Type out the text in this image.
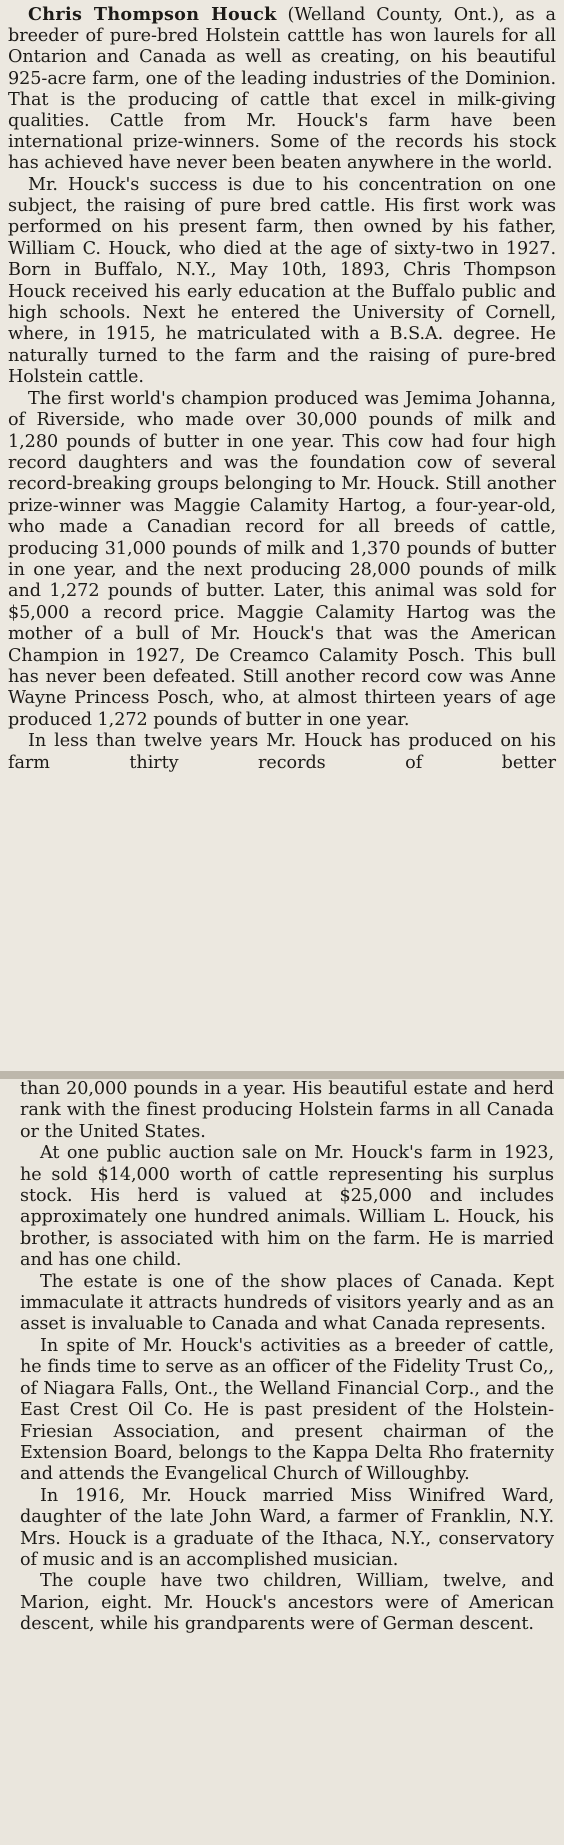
Chris Thompson Houck (Welland County, Ont.), as a breeder of pure-bred Holstein catttle has won laurels for all Ontarion and Canada as well as creating, on his beautiful 925-acre farm, one of the leading industries of the Dominion. That is the producing of cattle that excel in milk-giving qualities. Cattle from Mr. Houck's farm have been international prize-winners. Some of the records his stock has achieved have never been beaten anywhere in the world.

Mr. Houck's success is due to his concentration on one subject, the raising of pure bred cattle. His first work was performed on his present farm, then owned by his father, William C. Houck, who died at the age of sixty-two in 1927. Born in Buffalo, N.Y., May 10th, 1893, Chris Thompson Houck received his early education at the Buffalo public and high schools. Next he entered the University of Cornell, where, in 1915, he matriculated with a B.S.A. degree. He naturally turned to the farm and the raising of pure-bred Holstein cattle.

The first world's champion produced was Jemima Johanna, of Riverside, who made over 30,000 pounds of milk and 1,280 pounds of butter in one year. This cow had four high record daughters and was the foundation cow of several record-breaking groups belonging to Mr. Houck. Still another prize-winner was Maggie Calamity Hartog, a four-year-old, who made a Canadian record for all breeds of cattle, producing 31,000 pounds of milk and 1,370 pounds of butter in one year, and the next producing 28,000 pounds of milk and 1,272 pounds of butter. Later, this animal was sold for $5,000 a record price. Maggie Calamity Hartog was the mother of a bull of Mr. Houck's that was the American Champion in 1927, De Creamco Calamity Posch. This bull has never been defeated. Still another record cow was Anne Wayne Princess Posch, who, at almost thirteen years of age produced 1,272 pounds of butter in one year.

In less than twelve years Mr. Houck has produced on his farm thirty records of better

than 20,000 pounds in a year. His beautiful estate and herd rank with the finest producing Holstein farms in all Canada or the United States.

At one public auction sale on Mr. Houck's farm in 1923, he sold $14,000 worth of cattle representing his surplus stock. His herd is valued at $25,000 and includes approximately one hundred animals. William L. Houck, his brother, is associated with him on the farm. He is married and has one child.

The estate is one of the show places of Canada. Kept immaculate it attracts hundreds of visitors yearly and as an asset is invaluable to Canada and what Canada represents.

In spite of Mr. Houck's activities as a breeder of cattle, he finds time to serve as an officer of the Fidelity Trust Co,, of Niagara Falls, Ont., the Welland Financial Corp., and the East Crest Oil Co. He is past president of the Holstein-Friesian Association, and present chairman of the Extension Board, belongs to the Kappa Delta Rho fraternity and attends the Evangelical Church of Willoughby.

In 1916, Mr. Houck married Miss Winifred Ward, daughter of the late John Ward, a farmer of Franklin, N.Y. Mrs. Houck is a graduate of the Ithaca, N.Y., conservatory of music and is an accomplished musician.

The couple have two children, William, twelve, and Marion, eight. Mr. Houck's ancestors were of American descent, while his grandparents were of German descent.
